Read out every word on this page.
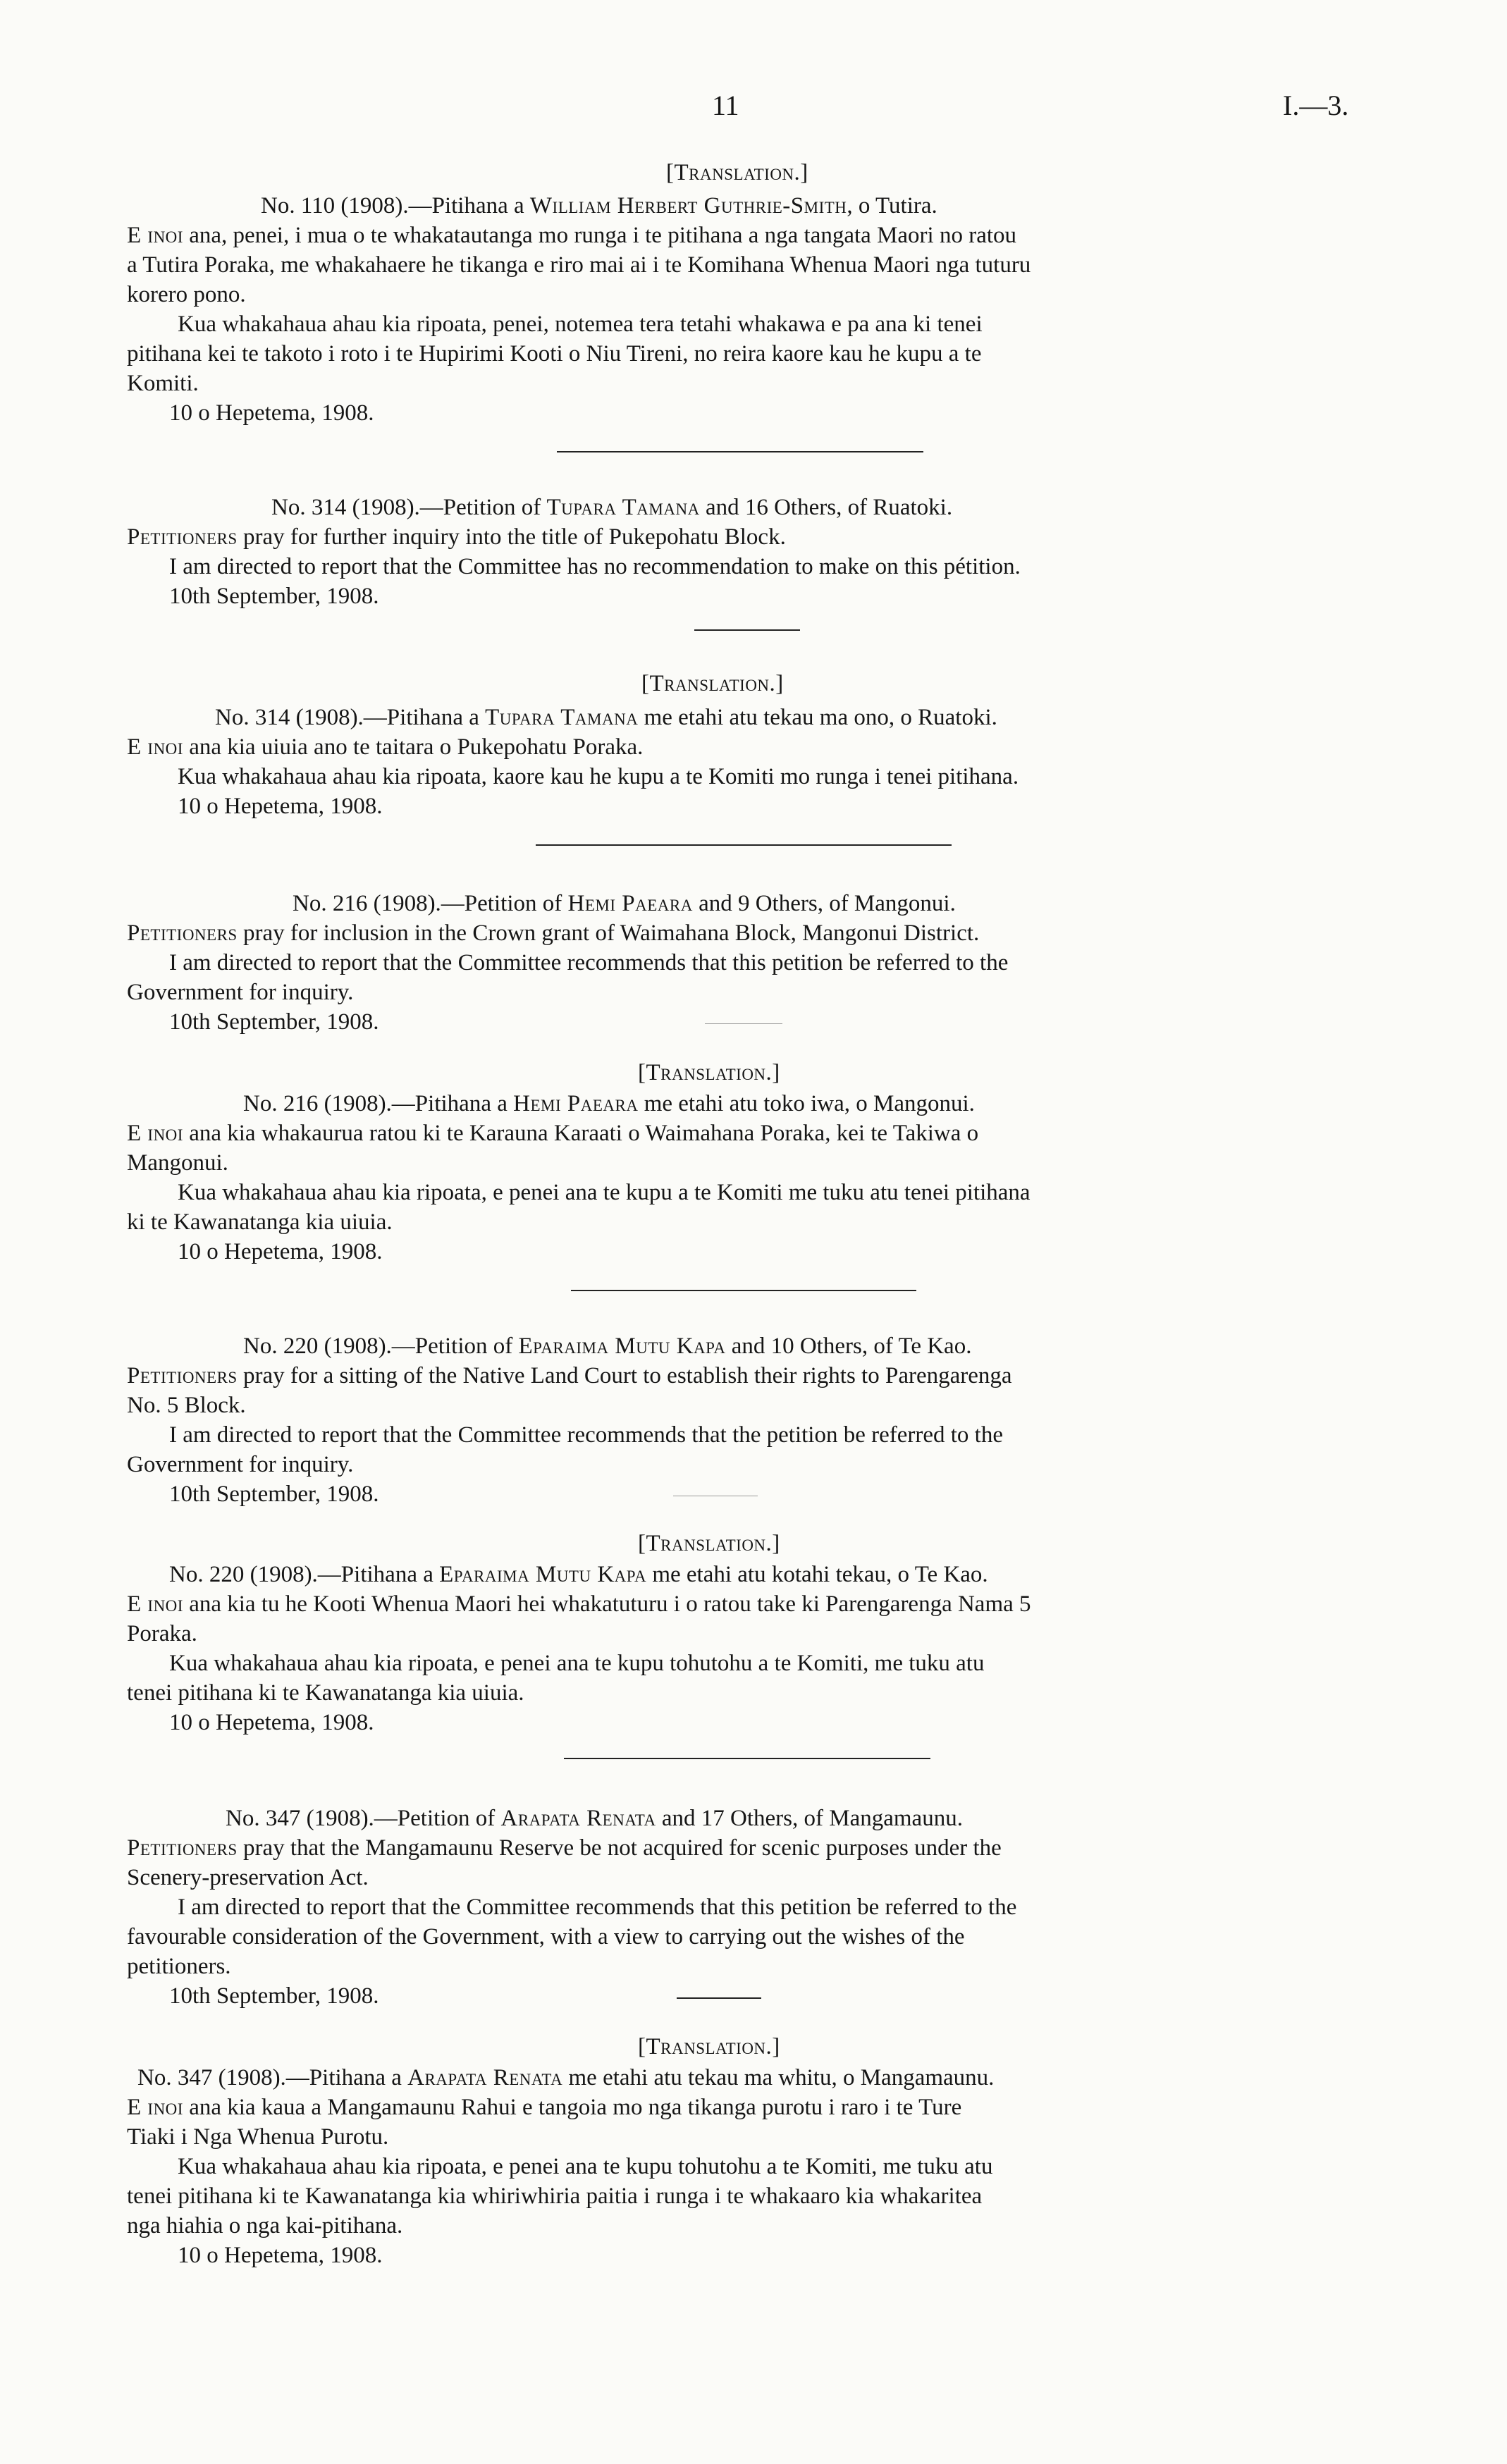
11	I.—3.
[Translation.]
No. 110 (1908).—Pitihana a William Herbert Guthrie-Smith, o Tutira.
E inoi ana, penei, i mua o te whakatautanga mo runga i te pitihana a nga tangata Maori no ratou
a Tutira Poraka, me whakahaere he tikanga e riro mai ai i te Komihana Whenua Maori nga tuturu
korero pono.
Kua whakahaua ahau kia ripoata, penei, notemea tera tetahi whakawa e pa ana ki tenei
pitihana kei te takoto i roto i te Hupirimi Kooti o Niu Tireni, no reira kaore kau he kupu a te
Komiti.
10 o Hepetema, 1908.
No. 314 (1908).—Petition of Tupara Tamana and 16 Others, of Ruatoki.
Petitioners pray for further inquiry into the title of Pukepohatu Block.
I am directed to report that the Committee has no recommendation to make on this pétition.
10th September, 1908.
[Translation.]
No. 314 (1908).—Pitihana a Tupara Tamana me etahi atu tekau ma ono, o Ruatoki.
E inoi ana kia uiuia ano te taitara o Pukepohatu Poraka.
Kua whakahaua ahau kia ripoata, kaore kau he kupu a te Komiti mo runga i tenei pitihana.
10 o Hepetema, 1908.
No. 216 (1908).—Petition of Hemi Paeara and 9 Others, of Mangonui.
Petitioners pray for inclusion in the Crown grant of Waimahana Block, Mangonui District.
I am directed to report that the Committee recommends that this petition be referred to the
Government for inquiry.
10th September, 1908.
[Translation.]
No. 216 (1908).—Pitihana a Hemi Paeara me etahi atu toko iwa, o Mangonui.
E inoi ana kia whakaurua ratou ki te Karauna Karaati o Waimahana Poraka, kei te Takiwa o
Mangonui.
Kua whakahaua ahau kia ripoata, e penei ana te kupu a te Komiti me tuku atu tenei pitihana
ki te Kawanatanga kia uiuia.
10 o Hepetema, 1908.
No. 220 (1908).—Petition of Eparaima Mutu Kapa and 10 Others, of Te Kao.
Petitioners pray for a sitting of the Native Land Court to establish their rights to Parengarenga
No. 5 Block.
I am directed to report that the Committee recommends that the petition be referred to the
Government for inquiry.
10th September, 1908.
[Translation.]
No. 220 (1908).—Pitihana a Eparaima Mutu Kapa me etahi atu kotahi tekau, o Te Kao.
E inoi ana kia tu he Kooti Whenua Maori hei whakatuturu i o ratou take ki Parengarenga Nama 5
Poraka.
Kua whakahaua ahau kia ripoata, e penei ana te kupu tohutohu a te Komiti, me tuku atu
tenei pitihana ki te Kawanatanga kia uiuia.
10 o Hepetema, 1908.
No. 347 (1908).—Petition of Arapata Renata and 17 Others, of Mangamaunu.
Petitioners pray that the Mangamaunu Reserve be not acquired for scenic purposes under the
Scenery-preservation Act.
I am directed to report that the Committee recommends that this petition be referred to the
favourable consideration of the Government, with a view to carrying out the wishes of the
petitioners.
10th September, 1908.
[Translation.]
No. 347 (1908).—Pitihana a Arapata Renata me etahi atu tekau ma whitu, o Mangamaunu.
E inoi ana kia kaua a Mangamaunu Rahui e tangoia mo nga tikanga purotu i raro i te Ture
Tiaki i Nga Whenua Purotu.
Kua whakahaua ahau kia ripoata, e penei ana te kupu tohutohu a te Komiti, me tuku atu
tenei pitihana ki te Kawanatanga kia whiriwhiria paitia i runga i te whakaaro kia whakaritea
nga hiahia o nga kai-pitihana.
10 o Hepetema, 1908.
